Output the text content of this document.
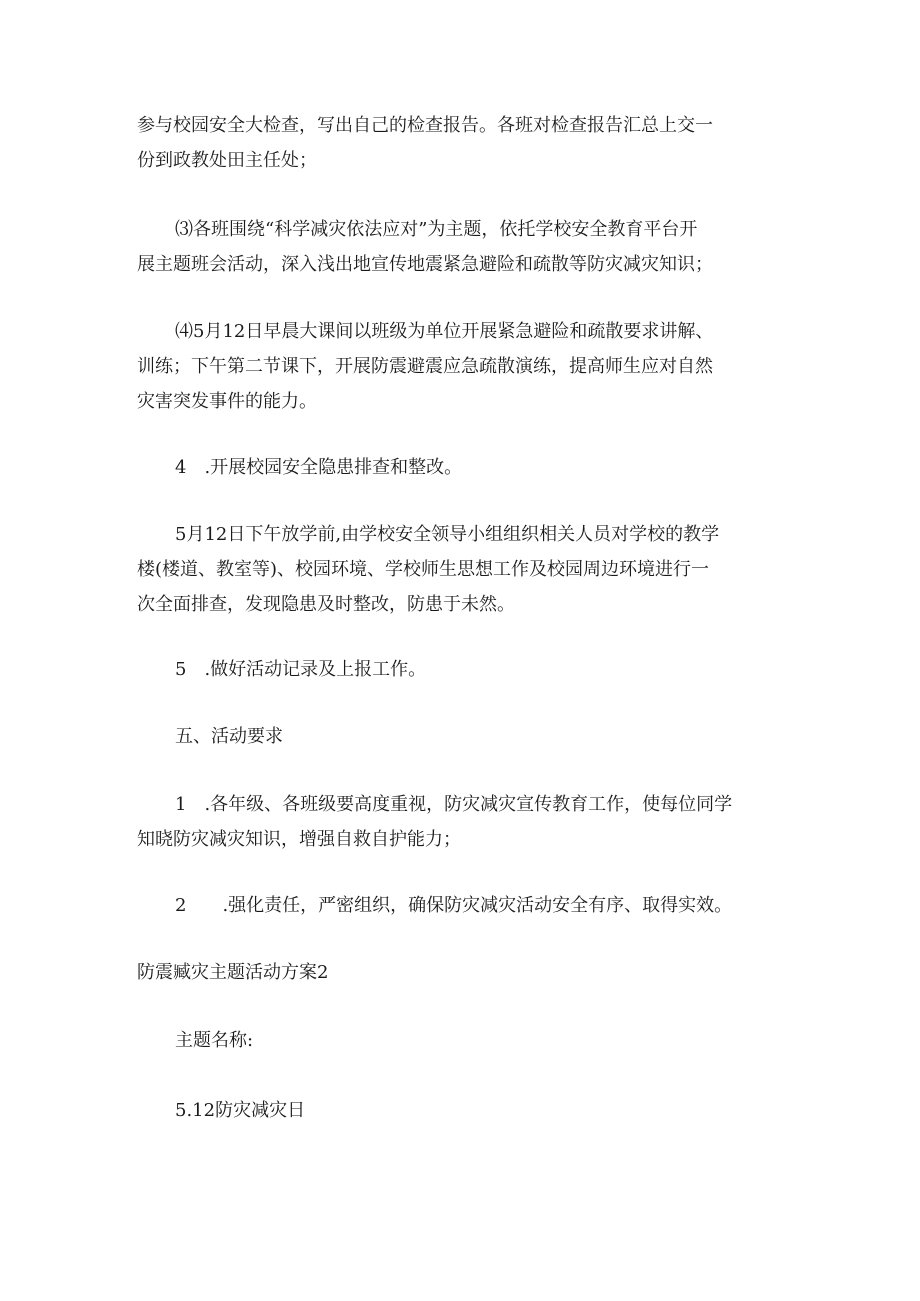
参与校园安全大检查，写出自己的检查报告。各班对检查报告汇总上交一
份到政教处田主任处；
⑶各班围绕“科学减灾依法应对”为主题，依托学校安全教育平台开
展主题班会活动，深入浅出地宣传地震紧急避险和疏散等防灾减灾知识；
⑷5月12日早晨大课间以班级为单位开展紧急避险和疏散要求讲解、
训练；下午第二节课下，开展防震避震应急疏散演练，提高师生应对自然
灾害突发事件的能力。
4　.开展校园安全隐患排查和整改。
5月12日下午放学前,由学校安全领导小组组织相关人员对学校的教学
楼(楼道、教室等)、校园环境、学校师生思想工作及校园周边环境进行一
次全面排查，发现隐患及时整改，防患于未然。
5　.做好活动记录及上报工作。
五、活动要求
1　.各年级、各班级要高度重视，防灾减灾宣传教育工作，使每位同学
知晓防灾减灾知识，增强自救自护能力；
2　　.强化责任，严密组织，确保防灾减灾活动安全有序、取得实效。
防震臧灾主题活动方案2
主题名称:
5.12防灾减灾日
